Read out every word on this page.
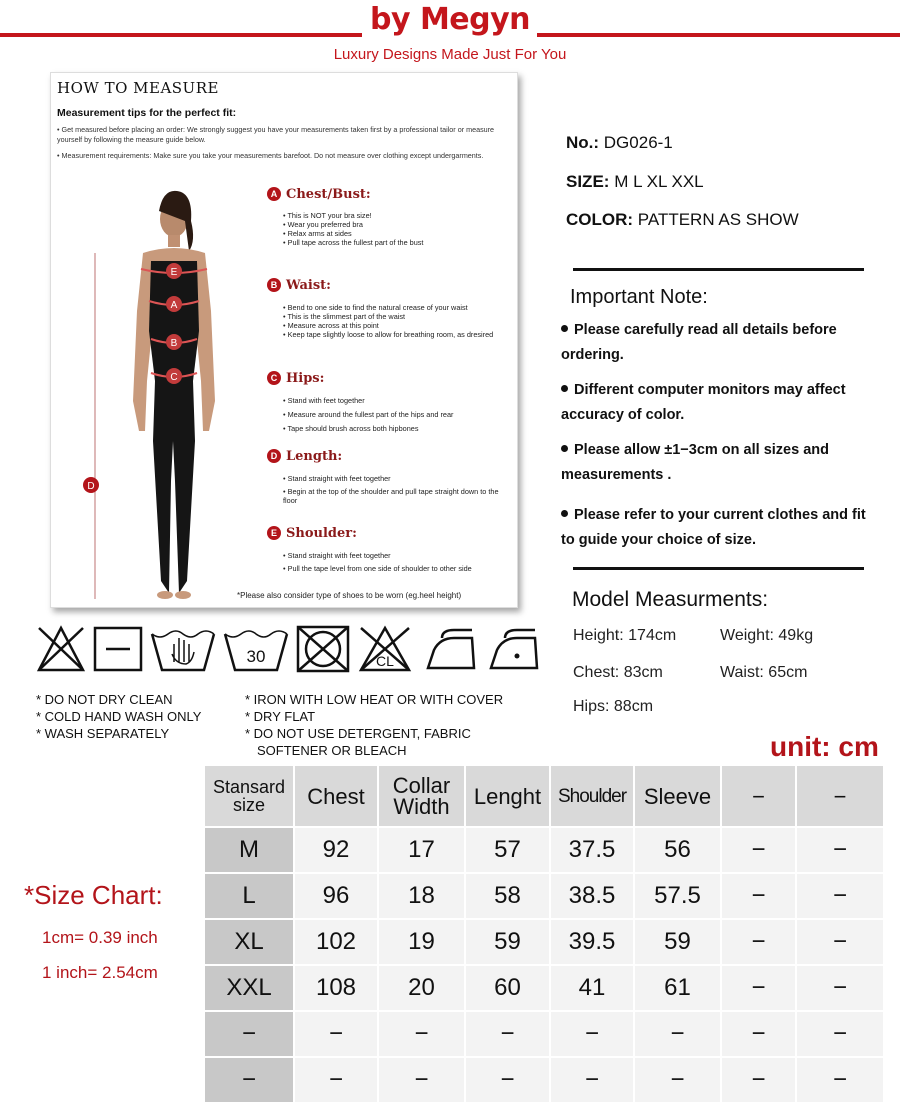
by Megyn
Luxury Designs Made Just For You
HOW TO MEASURE
Measurement tips for the perfect fit:
• Get measured before placing an order: We strongly suggest you have your measurements taken first by a professional tailor or measure yourself by following the measure guide below.
• Measurement requirements: Make sure you take your measurements barefoot. Do not measure over clothing except undergarments.
E
A
B
C
D
A Chest/Bust:
• This is NOT your bra size!
• Wear you preferred bra
• Relax arms at sides
• Pull tape across the fullest part of the bust
B Waist:
• Bend to one side to find the natural crease of your waist
• This is the slimmest part of the waist
• Measure across at this point
• Keep tape slightly loose to allow for breathing room, as dresired
C Hips:
• Stand with feet together
• Measure around the fullest part of the hips and rear
• Tape should brush across both hipbones
D Length:
• Stand straight with feet together
• Begin at the top of the shoulder and pull tape straight down to the floor
E Shoulder:
• Stand straight with feet together
• Pull the tape level from one side of shoulder to other side
*Please also consider type of shoes to be worn (eg.heel height)
No.: DG026-1
SIZE: M L XL XXL
COLOR: PATTERN AS SHOW
Important Note:
Please carefully read all details before ordering.
Different computer monitors may affect accuracy of color.
Please allow ±1−3cm on all sizes and measurements .
Please refer to your current clothes and fit to guide your choice of size.
Model Measurments:
Height: 174cm	Weight: 49kg
Chest: 83cm	Waist: 65cm
Hips: 88cm
30	CL
* DO NOT DRY CLEAN
* COLD HAND WASH ONLY
* WASH SEPARATELY
* IRON WITH LOW HEAT OR WITH COVER
* DRY FLAT
* DO NOT USE DETERGENT, FABRIC
SOFTENER OR BLEACH	unit: cm
*Size Chart:
1cm= 0.39 inch
1 inch= 2.54cm
Stansard size	Chest	Collar Width	Lenght	Shoulder	Sleeve	−	−
M	92	17	57	37.5	56	−	−
L	96	18	58	38.5	57.5	−	−
XL	102	19	59	39.5	59	−	−
XXL	108	20	60	41	61	−	−
−	−	−	−	−	−	−	−
−	−	−	−	−	−	−	−
